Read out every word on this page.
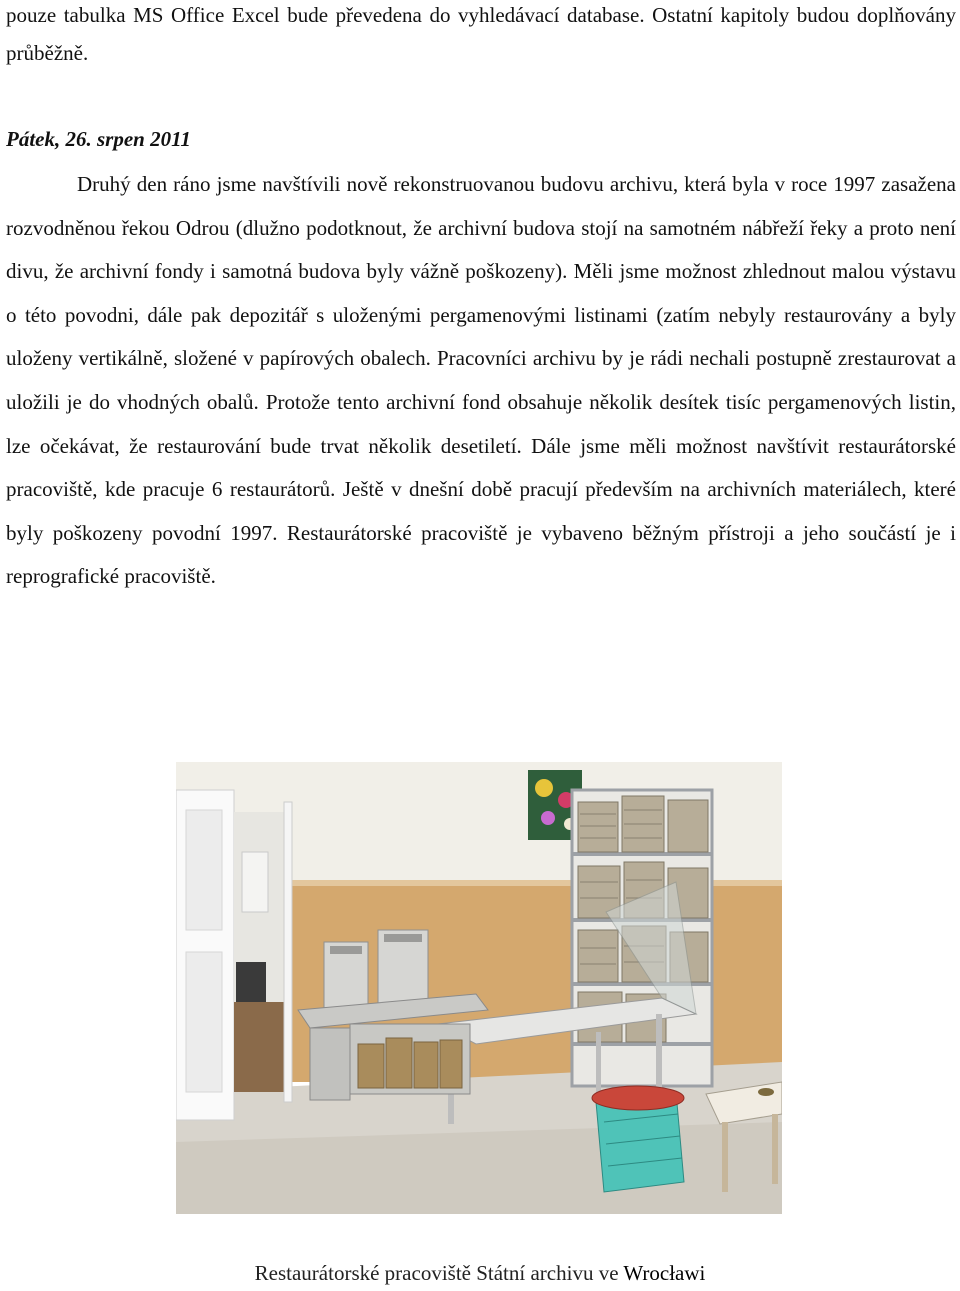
pouze tabulka MS Office Excel bude převedena do vyhledávací database. Ostatní kapitoly budou doplňovány průběžně.

Pátek, 26. srpen 2011

Druhý den ráno jsme navštívili nově rekonstruovanou budovu archivu, která byla v roce 1997 zasažena rozvodněnou řekou Odrou (dlužno podotknout, že archivní budova stojí na samotném nábřeží řeky a proto není divu, že archivní fondy i samotná budova byly vážně poškozeny). Měli jsme možnost zhlednout malou výstavu o této povodni, dále pak depozitář s uloženými pergamenovými listinami (zatím nebyly restaurovány a byly uloženy vertikálně, složené v papírových obalech. Pracovníci archivu by je rádi nechali postupně zrestaurovat a uložili je do vhodných obalů. Protože tento archivní fond obsahuje několik desítek tisíc pergamenových listin, lze očekávat, že restaurování bude trvat několik desetiletí. Dále jsme měli možnost navštívit restaurátorské pracoviště, kde pracuje 6 restaurátorů. Ještě v dnešní době pracují především na archivních materiálech, které byly poškozeny povodní 1997. Restaurátorské pracoviště je vybaveno běžným přístroji a jeho součástí je i reprografické pracoviště.

Restaurátorské pracoviště Státní archivu ve Wrocławi
